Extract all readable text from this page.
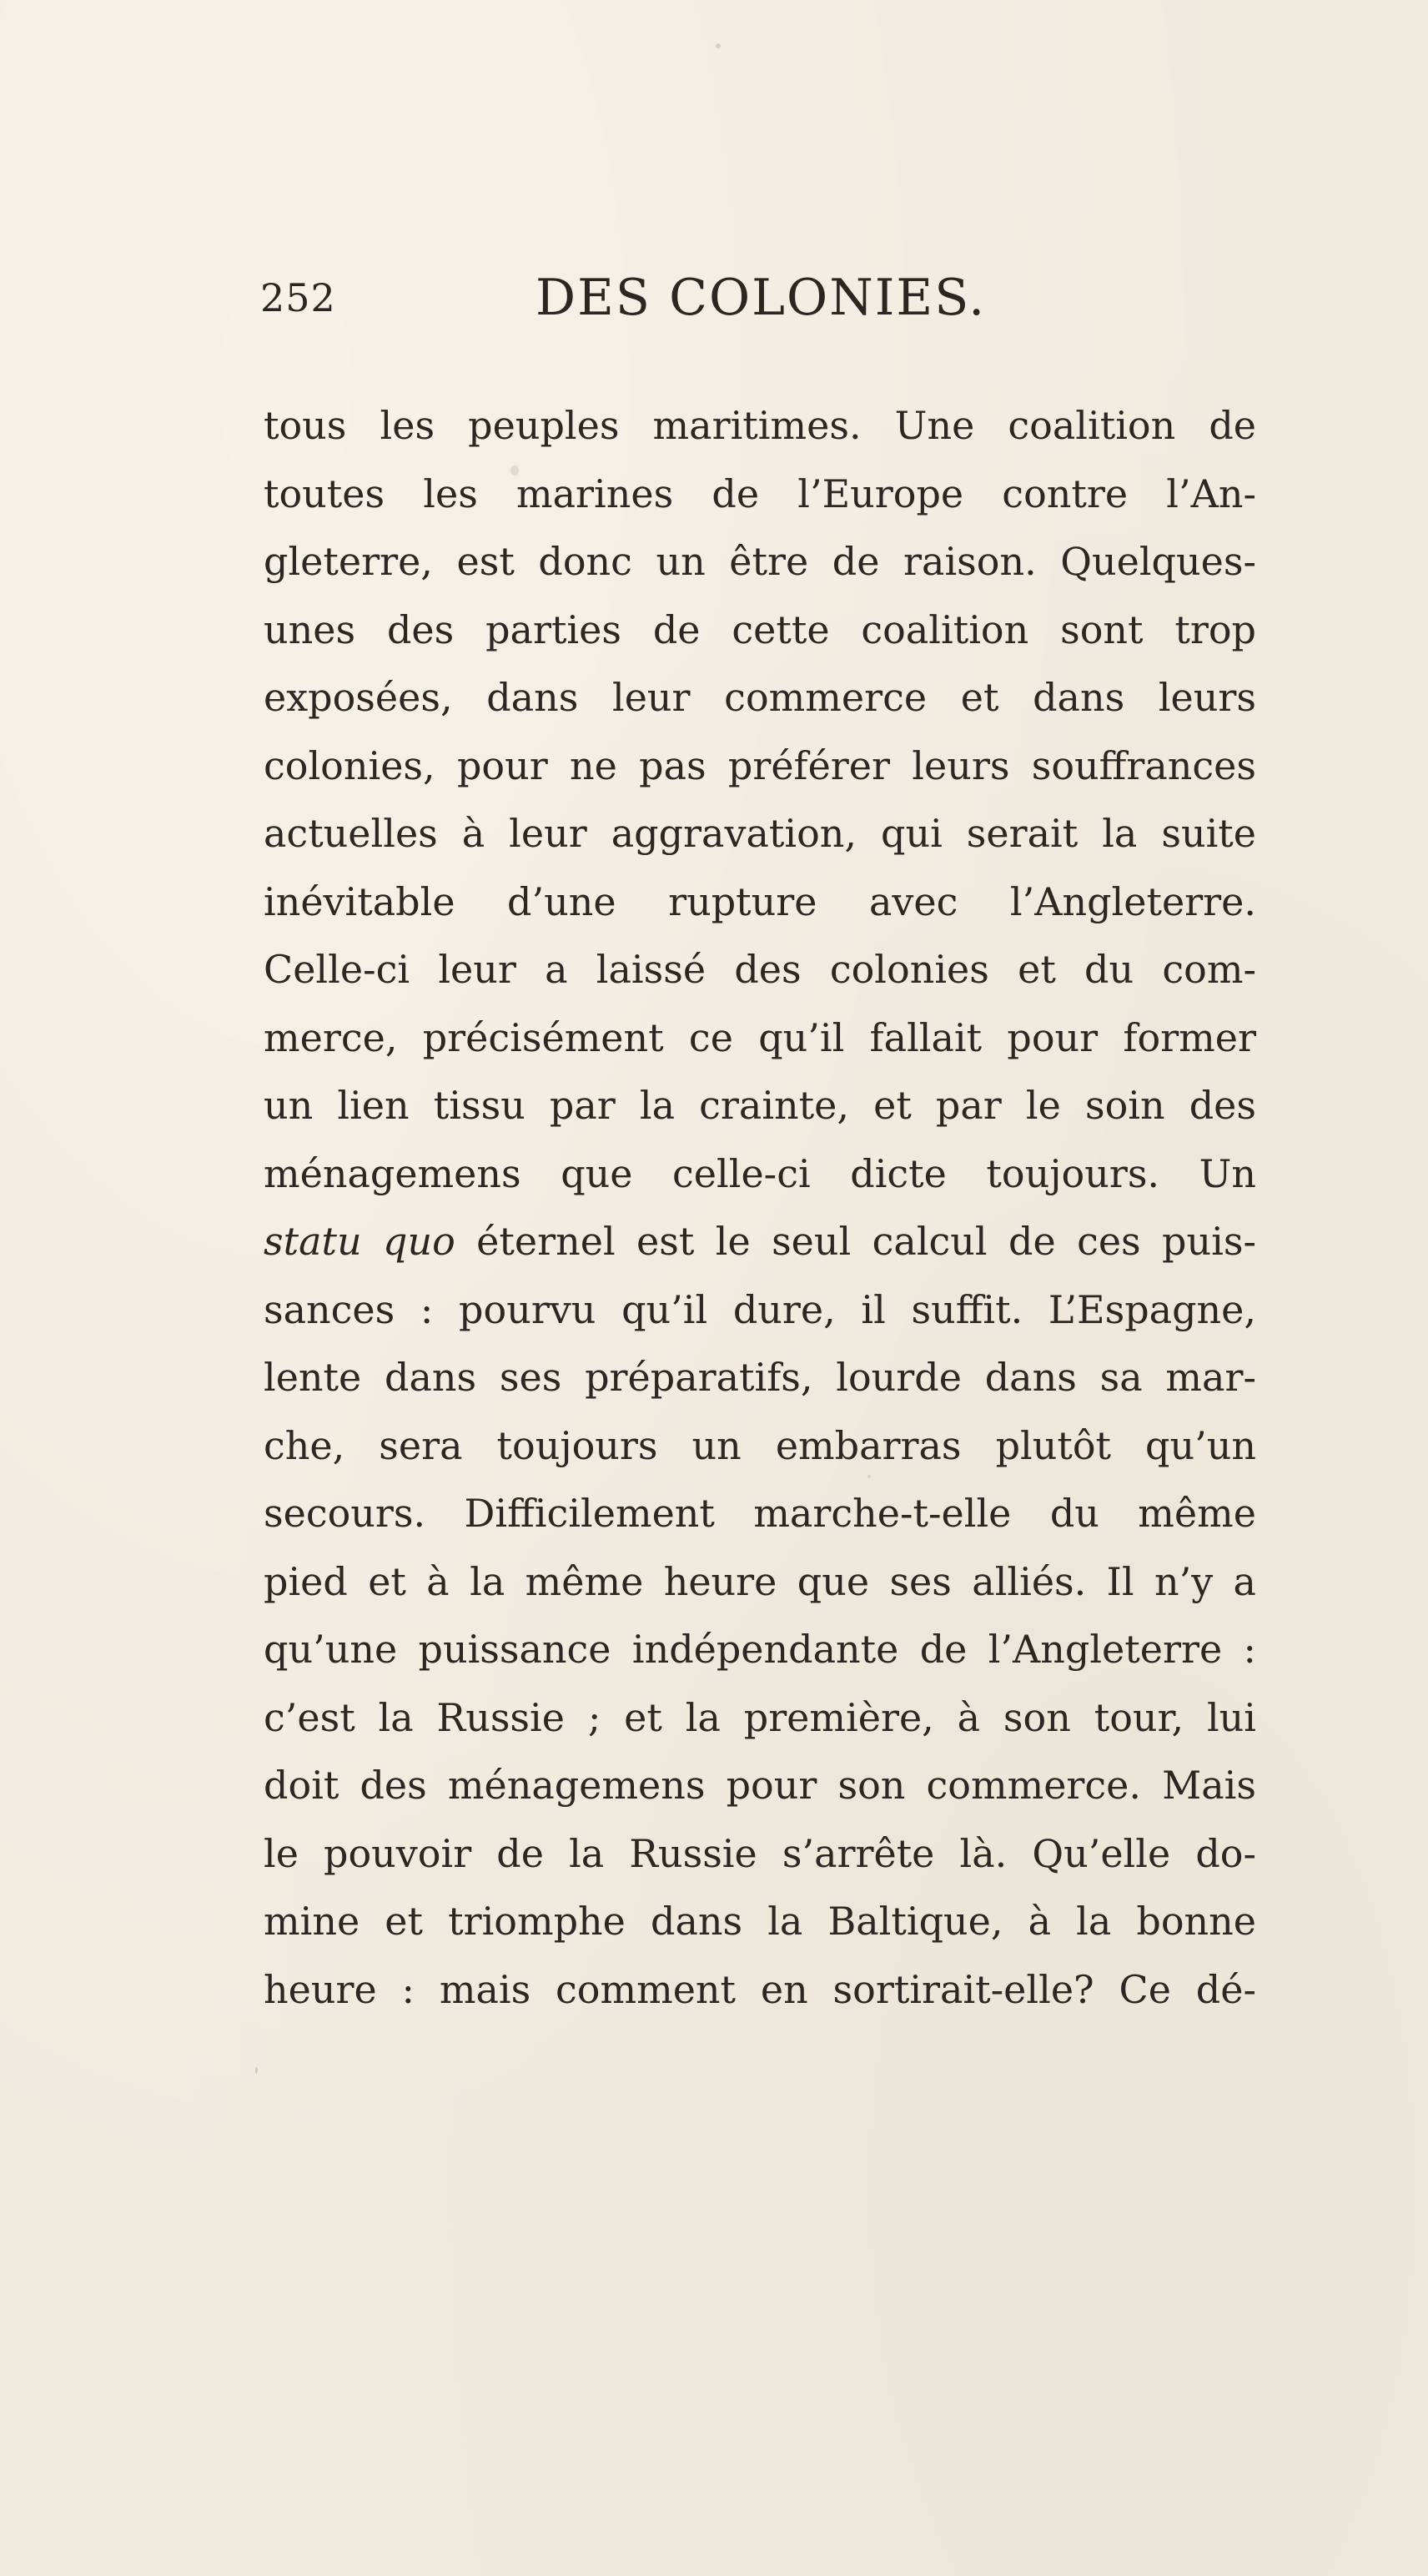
252	DES COLONIES.
tous les peuples maritimes. Une coalition de
toutes les marines de l’Europe contre l’An-
gleterre, est donc un être de raison. Quelques-
unes des parties de cette coalition sont trop
exposées, dans leur commerce et dans leurs
colonies, pour ne pas préférer leurs souffrances
actuelles à leur aggravation, qui serait la suite
inévitable d’une rupture avec l’Angleterre.
Celle-ci leur a laissé des colonies et du com-
merce, précisément ce qu’il fallait pour former
un lien tissu par la crainte, et par le soin des
ménagemens que celle-ci dicte toujours. Un
statu quo éternel est le seul calcul de ces puis-
sances : pourvu qu’il dure, il suffit. L’Espagne,
lente dans ses préparatifs, lourde dans sa mar-
che, sera toujours un embarras plutôt qu’un
secours. Difficilement marche-t-elle du même
pied et à la même heure que ses alliés. Il n’y a
qu’une puissance indépendante de l’Angleterre :
c’est la Russie ; et la première, à son tour, lui
doit des ménagemens pour son commerce. Mais
le pouvoir de la Russie s’arrête là. Qu’elle do-
mine et triomphe dans la Baltique, à la bonne
heure : mais comment en sortirait-elle? Ce dé-
